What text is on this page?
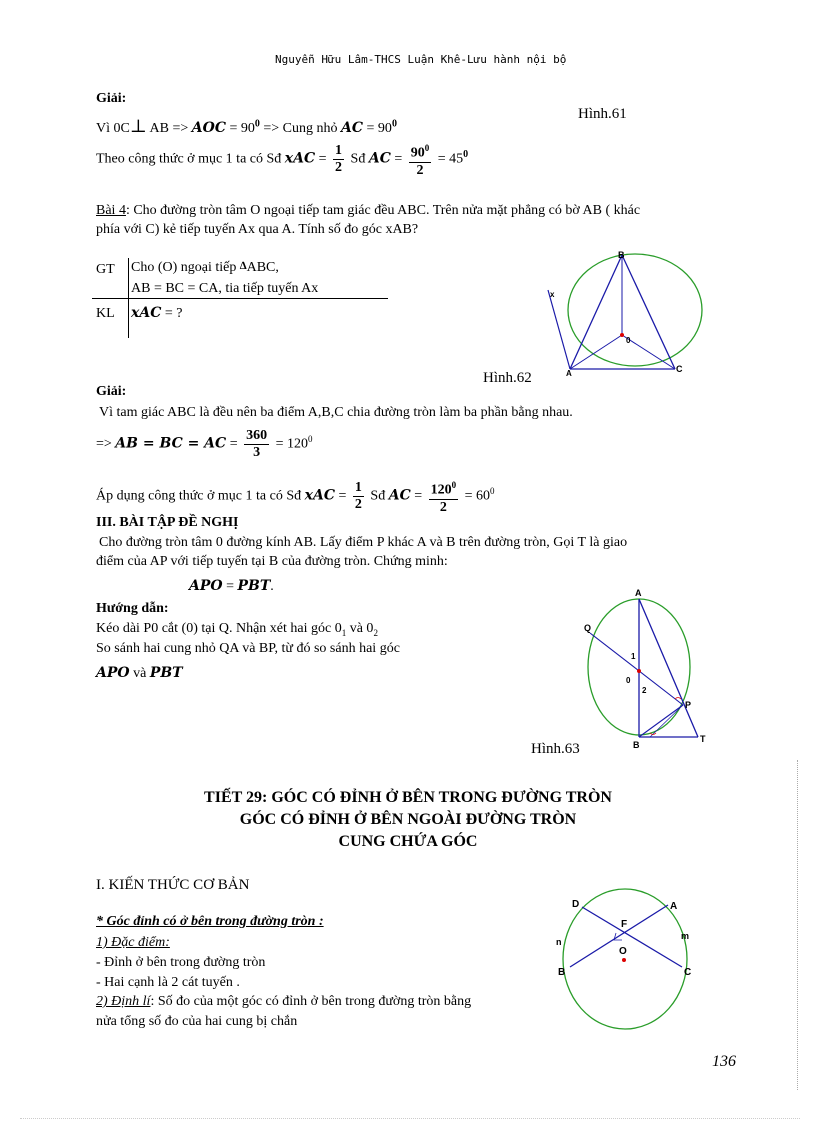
Nguyễn Hữu Lâm-THCS Luận Khê-Lưu hành nội bộ
Giải:
Vì 0C⊥ AB => AOC = $90^0$ => Cung nhỏ AC = $90^0$
Hình.61
Theo công thức ở mục 1 ta có Sđ xAC = $\frac{1}{2}$ Sđ AC = $\frac{90^0}{2} = 45^0$
Bài 4: Cho đường tròn tâm O ngoại tiếp tam giác đều ABC. Trên nửa mặt phẳng có bờ AB ( khác
phía với C) kẻ tiếp tuyến Ax qua A. Tính số đo góc xAB?
GT Cho (O) ngoại tiếp ∆ABC,
AB = BC = CA, tia tiếp tuyến Ax
KL xAC = ?
B
C
A
0
x
Hình.62
Giải:
Vì tam giác ABC là đều nên ba điểm A,B,C chia đường tròn làm ba phần bằng nhau.
=> AB = BC = AC = $\frac{360}{3} = 120^0$
Áp dụng công thức ở mục 1 ta có Sđ xAC = $\frac{1}{2}$ Sđ AC = $\frac{120^0}{2} = 60^0$
III. BÀI TẬP ĐỀ NGHỊ
Cho đường tròn tâm 0 đường kính AB. Lấy điểm P khác A và B trên đường tròn, Gọi T là giao
điểm của AP với tiếp tuyến tại B của đường tròn. Chứng minh:
APO = PBT.
Hướng dẫn:
Kéo dài P0 cắt (0) tại Q. Nhận xét hai góc $0_1$ và $0_2$
So sánh hai cung nhỏ QA và BP, từ đó so sánh hai góc
APO và PBT
A
Q
0
1
2
P
B
T
Hình.63
TIẾT 29: GÓC CÓ ĐỈNH Ở BÊN TRONG ĐƯỜNG TRÒN
GÓC CÓ ĐỈNH Ở BÊN NGOÀI ĐƯỜNG TRÒN
CUNG CHỨA GÓC
I. KIẾN THỨC CƠ BẢN
* Góc đỉnh có ở bên trong đường tròn :
1) Đặc điểm:
- Đỉnh ở bên trong đường tròn
- Hai cạnh là 2 cát tuyến .
2) Định lí: Số đo của một góc có đỉnh ở bên trong đường tròn bằng
nửa tổng số đo của hai cung bị chắn
D	A
F
O
n
m
B	C
136
